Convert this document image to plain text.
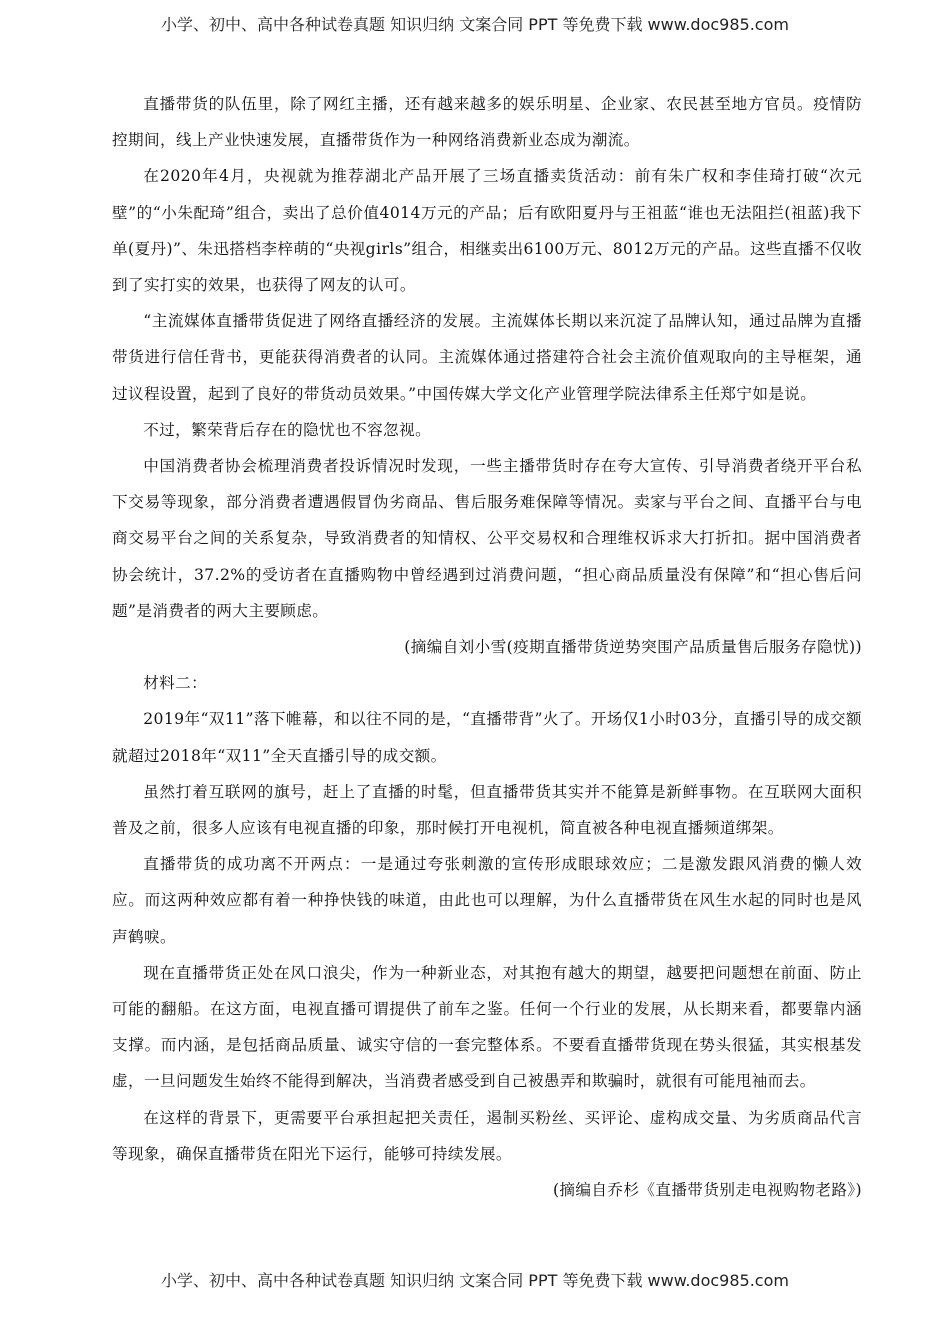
小学、初中、高中各种试卷真题 知识归纳 文案合同 PPT 等免费下载 www.doc985.com

直播带货的队伍里，除了网红主播，还有越来越多的娱乐明星、企业家、农民甚至地方官员。疫情防控期间，线上产业快速发展，直播带货作为一种网络消费新业态成为潮流。

在2020年4月，央视就为推荐湖北产品开展了三场直播卖货活动：前有朱广权和李佳琦打破“次元壁”的“小朱配琦”组合，卖出了总价值4014万元的产品；后有欧阳夏丹与王祖蓝“谁也无法阻拦(祖蓝)我下单(夏丹)”、朱迅搭档李梓萌的“央视girls”组合，相继卖出6100万元、8012万元的产品。这些直播不仅收到了实打实的效果，也获得了网友的认可。

“主流媒体直播带货促进了网络直播经济的发展。主流媒体长期以来沉淀了品牌认知，通过品牌为直播带货进行信任背书，更能获得消费者的认同。主流媒体通过搭建符合社会主流价值观取向的主导框架，通过议程设置，起到了良好的带货动员效果。”中国传媒大学文化产业管理学院法律系主任郑宁如是说。

不过，繁荣背后存在的隐忧也不容忽视。

中国消费者协会梳理消费者投诉情况时发现，一些主播带货时存在夸大宣传、引导消费者绕开平台私下交易等现象，部分消费者遭遇假冒伪劣商品、售后服务难保障等情况。卖家与平台之间、直播平台与电商交易平台之间的关系复杂，导致消费者的知情权、公平交易权和合理维权诉求大打折扣。据中国消费者协会统计，37.2%的受访者在直播购物中曾经遇到过消费问题，“担心商品质量没有保障”和“担心售后问题”是消费者的两大主要顾虑。

(摘编自刘小雪(疫期直播带货逆势突围产品质量售后服务存隐忧))

材料二：

2019年“双11”落下帷幕，和以往不同的是，“直播带背”火了。开场仅1小时03分，直播引导的成交额就超过2018年“双11”全天直播引导的成交额。

虽然打着互联网的旗号，赶上了直播的时髦，但直播带货其实并不能算是新鲜事物。在互联网大面积普及之前，很多人应该有电视直播的印象，那时候打开电视机，简直被各种电视直播频道绑架。

直播带货的成功离不开两点：一是通过夸张刺激的宣传形成眼球效应；二是激发跟风消费的懒人效应。而这两种效应都有着一种挣快钱的味道，由此也可以理解，为什么直播带货在风生水起的同时也是风声鹤唳。

现在直播带货正处在风口浪尖，作为一种新业态，对其抱有越大的期望，越要把问题想在前面、防止可能的翻船。在这方面，电视直播可谓提供了前车之鉴。任何一个行业的发展，从长期来看，都要靠内涵支撑。而内涵，是包括商品质量、诚实守信的一套完整体系。不要看直播带货现在势头很猛，其实根基发虚，一旦问题发生始终不能得到解决，当消费者感受到自己被愚弄和欺骗时，就很有可能甩袖而去。

在这样的背景下，更需要平台承担起把关责任，遏制买粉丝、买评论、虚构成交量、为劣质商品代言等现象，确保直播带货在阳光下运行，能够可持续发展。

(摘编自乔杉《直播带货别走电视购物老路》)

小学、初中、高中各种试卷真题 知识归纳 文案合同 PPT 等免费下载 www.doc985.com
